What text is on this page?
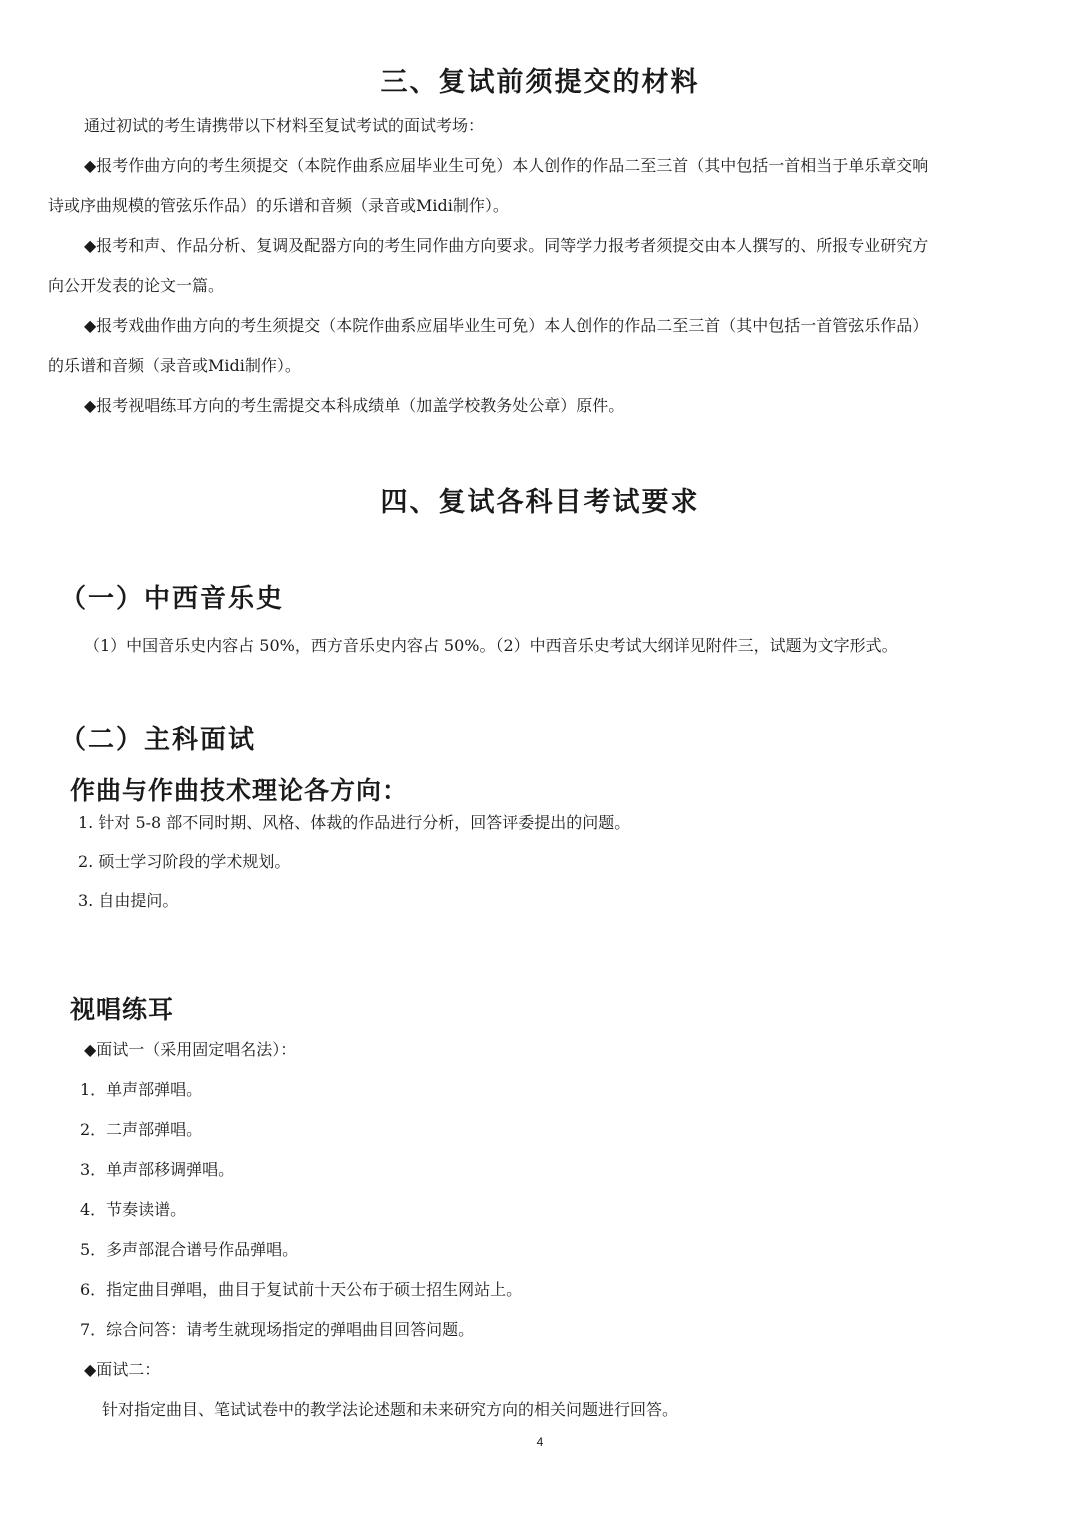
三、复试前须提交的材料
通过初试的考生请携带以下材料至复试考试的面试考场：
◆报考作曲方向的考生须提交（本院作曲系应届毕业生可免）本人创作的作品二至三首（其中包括一首相当于单乐章交响
诗或序曲规模的管弦乐作品）的乐谱和音频（录音或Midi制作）。
◆报考和声、作品分析、复调及配器方向的考生同作曲方向要求。同等学力报考者须提交由本人撰写的、所报专业研究方
向公开发表的论文一篇。
◆报考戏曲作曲方向的考生须提交（本院作曲系应届毕业生可免）本人创作的作品二至三首（其中包括一首管弦乐作品）
的乐谱和音频（录音或Midi制作）。
◆报考视唱练耳方向的考生需提交本科成绩单（加盖学校教务处公章）原件。
四、复试各科目考试要求
（一）中西音乐史
（1）中国音乐史内容占 50%，西方音乐史内容占 50%。（2）中西音乐史考试大纲详见附件三，试题为文字形式。
（二）主科面试
作曲与作曲技术理论各方向：
1. 针对 5-8 部不同时期、风格、体裁的作品进行分析，回答评委提出的问题。
2. 硕士学习阶段的学术规划。
3. 自由提问。
视唱练耳
◆面试一（采用固定唱名法）：
1．单声部弹唱。
2．二声部弹唱。
3．单声部移调弹唱。
4．节奏读谱。
5．多声部混合谱号作品弹唱。
6．指定曲目弹唱，曲目于复试前十天公布于硕士招生网站上。
7．综合问答：请考生就现场指定的弹唱曲目回答问题。
◆面试二：
针对指定曲目、笔试试卷中的教学法论述题和未来研究方向的相关问题进行回答。
4
